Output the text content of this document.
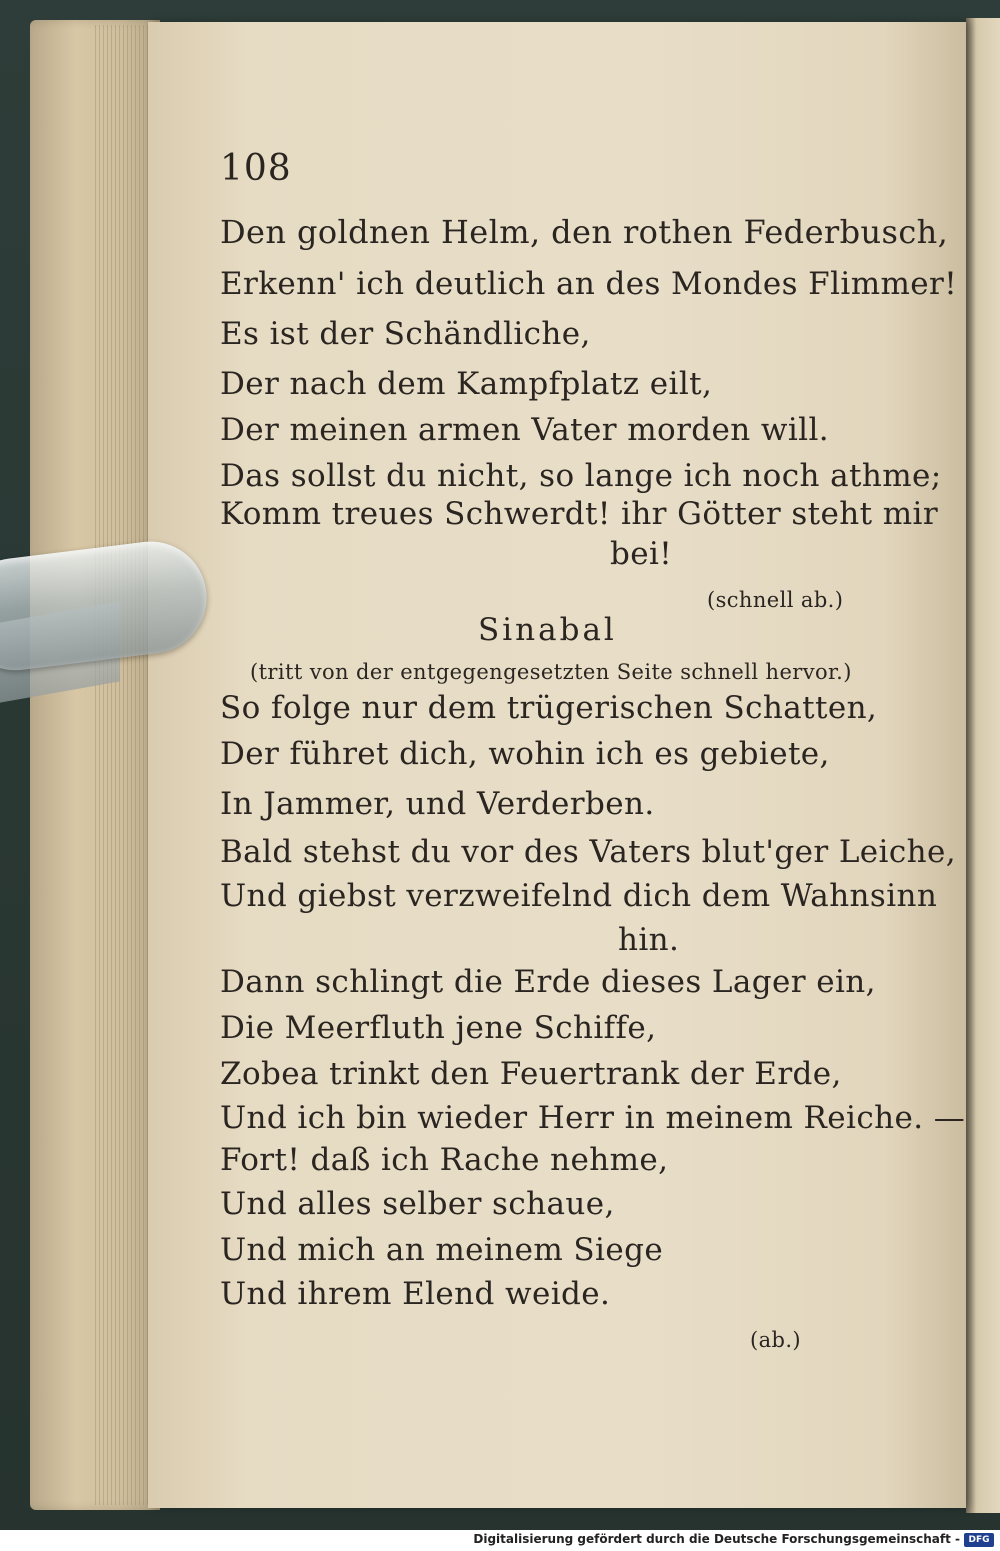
108
Den goldnen Helm, den rothen Federbusch,
Erkenn' ich deutlich an des Mondes Flimmer!
Es ist der Schändliche,
Der nach dem Kampfplatz eilt,
Der meinen armen Vater morden will.
Das sollst du nicht, so lange ich noch athme;
Komm treues Schwerdt! ihr Götter steht mir
bei!
(schnell ab.)
Sinabal
(tritt von der entgegengesetzten Seite schnell hervor.)
So folge nur dem trügerischen Schatten,
Der führet dich, wohin ich es gebiete,
In Jammer, und Verderben.
Bald stehst du vor des Vaters blut'ger Leiche,
Und giebst verzweifelnd dich dem Wahnsinn
hin.
Dann schlingt die Erde dieses Lager ein,
Die Meerfluth jene Schiffe,
Zobea trinkt den Feuertrank der Erde,
Und ich bin wieder Herr in meinem Reiche. —
Fort! daß ich Rache nehme,
Und alles selber schaue,
Und mich an meinem Siege
Und ihrem Elend weide.
(ab.)
Digitalisierung gefördert durch die Deutsche Forschungsgemeinschaft - DFG
